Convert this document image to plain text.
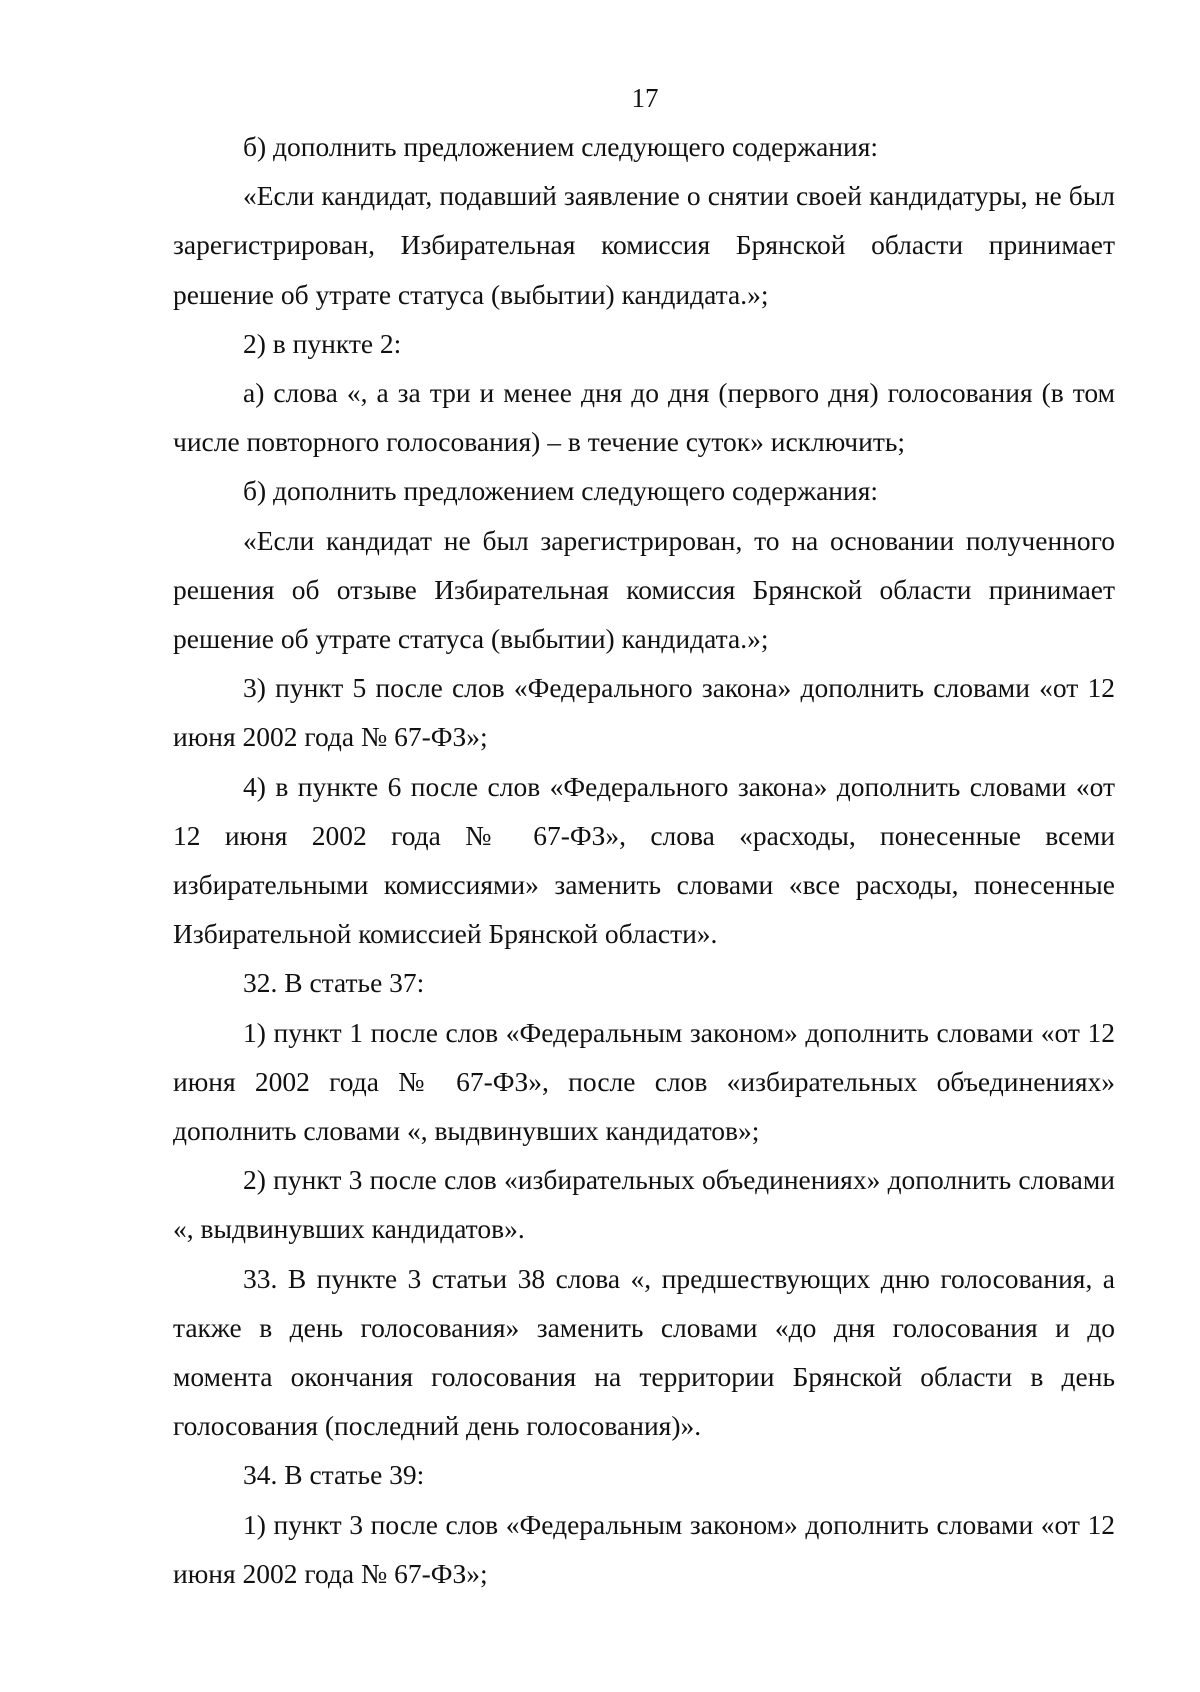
17

б) дополнить предложением следующего содержания:

«Если кандидат, подавший заявление о снятии своей кандидатуры, не был зарегистрирован, Избирательная комиссия Брянской области принимает решение об утрате статуса (выбытии) кандидата.»;

2) в пункте 2:

а) слова «, а за три и менее дня до дня (первого дня) голосования (в том числе повторного голосования) – в течение суток» исключить;

б) дополнить предложением следующего содержания:

«Если кандидат не был зарегистрирован, то на основании полученного решения об отзыве Избирательная комиссия Брянской области принимает решение об утрате статуса (выбытии) кандидата.»;

3) пункт 5 после слов «Федерального закона» дополнить словами «от 12 июня 2002 года № 67-ФЗ»;

4) в пункте 6 после слов «Федерального закона» дополнить словами «от 12 июня 2002 года № 67-ФЗ», слова «расходы, понесенные всеми избирательными комиссиями» заменить словами «все расходы, понесенные Избирательной комиссией Брянской области».

32. В статье 37:

1) пункт 1 после слов «Федеральным законом» дополнить словами «от 12 июня 2002 года № 67-ФЗ», после слов «избирательных объединениях» дополнить словами «, выдвинувших кандидатов»;

2) пункт 3 после слов «избирательных объединениях» дополнить словами «, выдвинувших кандидатов».

33. В пункте 3 статьи 38 слова «, предшествующих дню голосования, а также в день голосования» заменить словами «до дня голосования и до момента окончания голосования на территории Брянской области в день голосования (последний день голосования)».

34. В статье 39:

1) пункт 3 после слов «Федеральным законом» дополнить словами «от 12 июня 2002 года № 67-ФЗ»;
